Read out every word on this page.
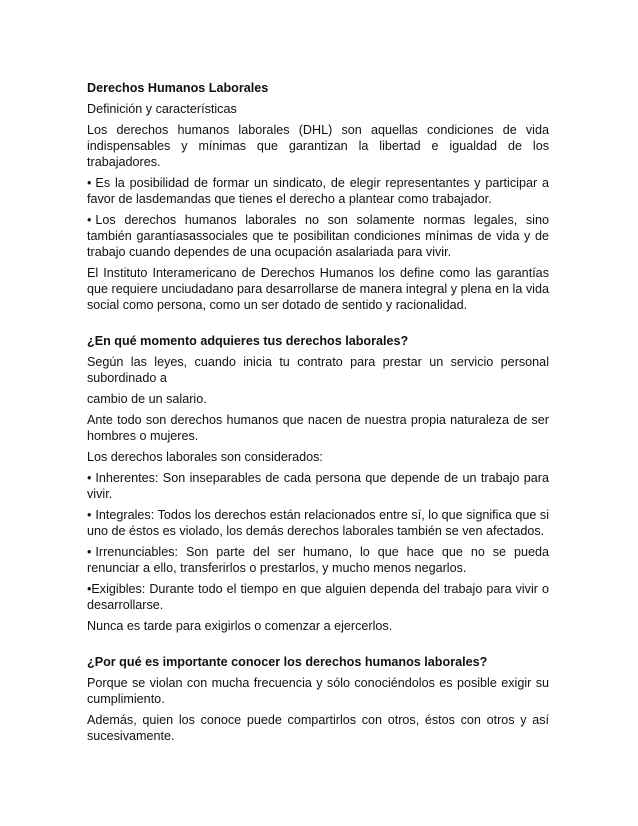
Derechos Humanos Laborales

Definición y características

Los derechos humanos laborales (DHL) son aquellas condiciones de vida indispensables y mínimas que garantizan la libertad e igualdad de los trabajadores.

• Es la posibilidad de formar un sindicato, de elegir representantes y participar a favor de lasdemandas que tienes el derecho a plantear como trabajador.

• Los derechos humanos laborales no son solamente normas legales, sino también garantíasassociales que te posibilitan condiciones mínimas de vida y de trabajo cuando dependes de una ocupación asalariada para vivir.

El Instituto Interamericano de Derechos Humanos los define como las garantías que requiere unciudadano para desarrollarse de manera integral y plena en la vida social como persona, como un ser dotado de sentido y racionalidad.

¿En qué momento adquieres tus derechos laborales?

Según las leyes, cuando inicia tu contrato para prestar un servicio personal subordinado a

cambio de un salario.

Ante todo son derechos humanos que nacen de nuestra propia naturaleza de ser hombres o mujeres.

Los derechos laborales son considerados:

• Inherentes: Son inseparables de cada persona que depende de un trabajo para vivir.

• Integrales: Todos los derechos están relacionados entre sí, lo que significa que si uno de éstos es violado, los demás derechos laborales también se ven afectados.

• Irrenunciables: Son parte del ser humano, lo que hace que no se pueda renunciar a ello, transferirlos o prestarlos, y mucho menos negarlos.

•Exigibles: Durante todo el tiempo en que alguien dependa del trabajo para vivir o desarrollarse.

Nunca es tarde para exigirlos o comenzar a ejercerlos.

¿Por qué es importante conocer los derechos humanos laborales?

Porque se violan con mucha frecuencia y sólo conociéndolos es posible exigir su cumplimiento.

Además, quien los conoce puede compartirlos con otros, éstos con otros y así sucesivamente.
